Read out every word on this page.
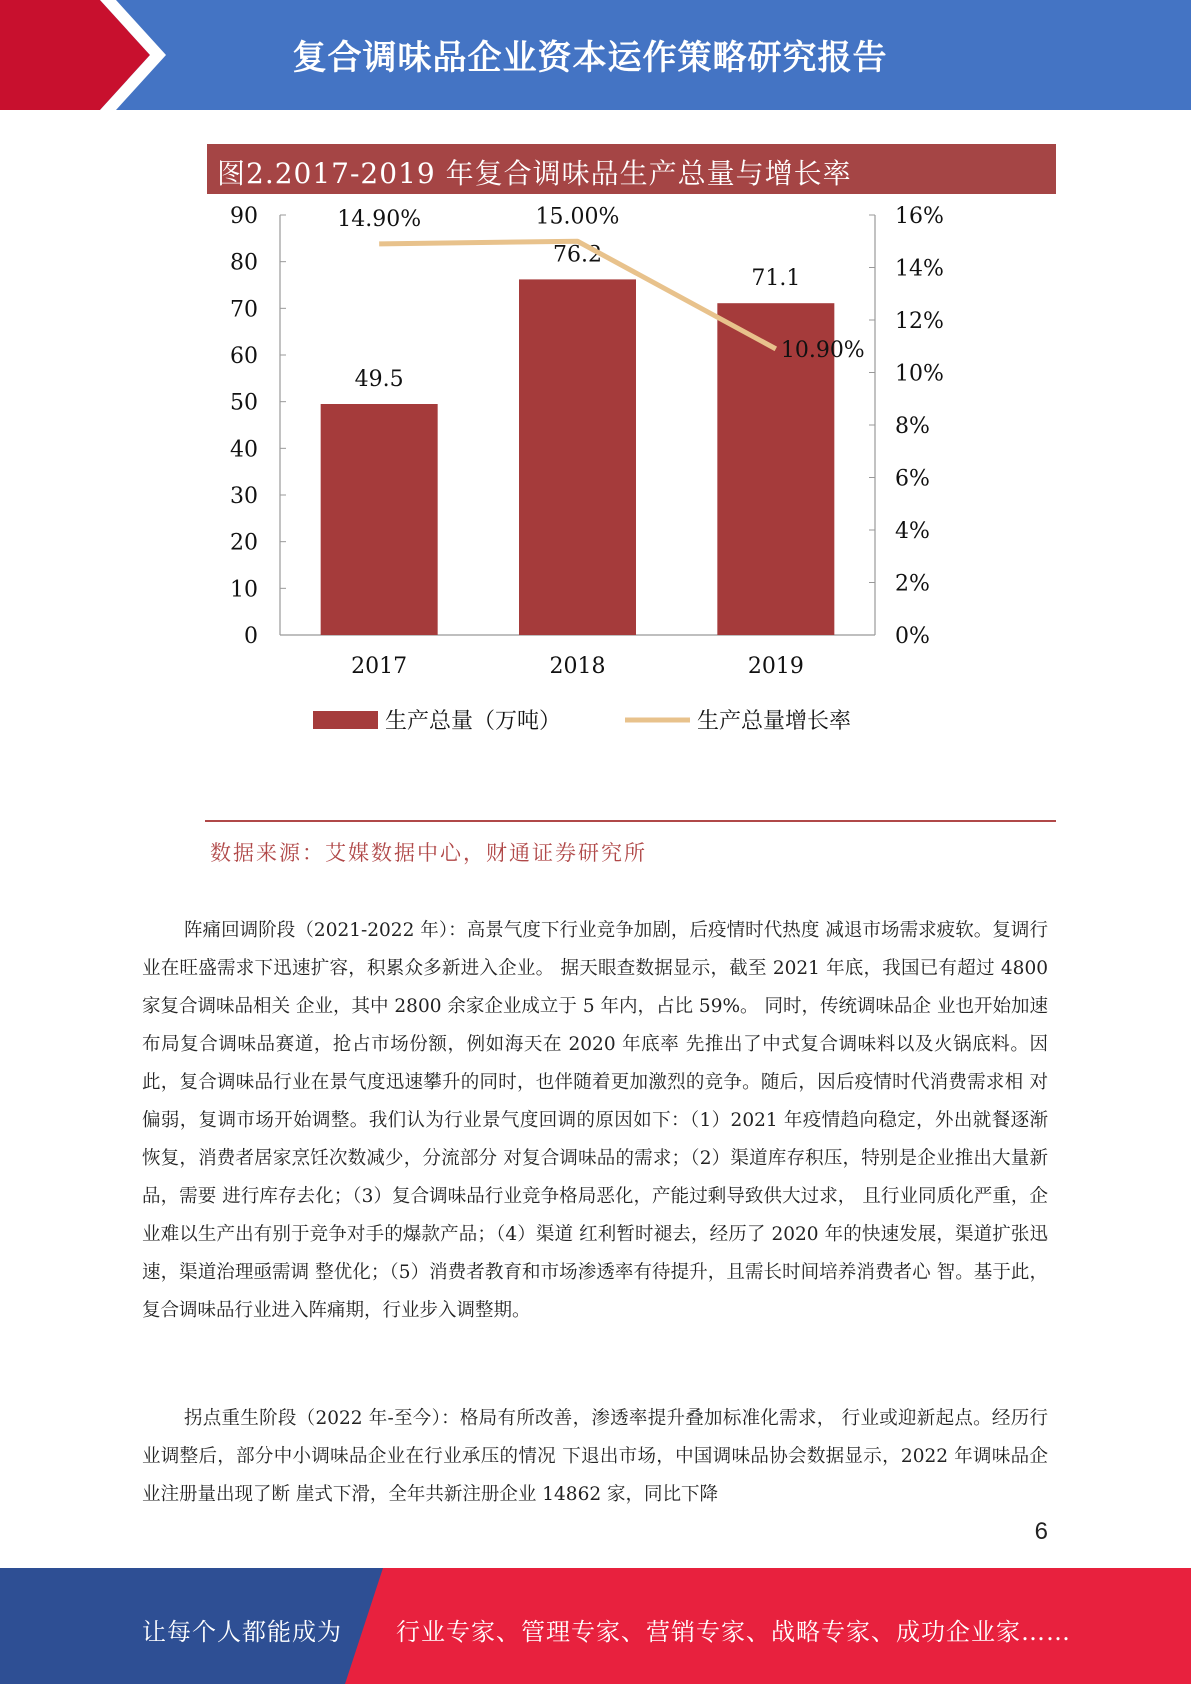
复合调味品企业资本运作策略研究报告
图2.2017-2019 年复合调味品生产总量与增长率
0
10
20
30
40
50
60
70
80
90
0%
2%
4%
6%
8%
10%
12%
14%
16%
49.5
2017
76.2
2018
71.1
2019
14.90%	15.00%
10.90%
生产总量（万吨）	生产总量增长率
数据来源：艾媒数据中心，财通证券研究所

阵痛回调阶段（2021-2022 年）：高景气度下行业竞争加剧，后疫情时代热度 减退市场需求疲软。复调行业在旺盛需求下迅速扩容，积累众多新进入企业。 据天眼查数据显示，截至 2021 年底，我国已有超过 4800 家复合调味品相关 企业，其中 2800 余家企业成立于 5 年内，占比 59%。 同时，传统调味品企 业也开始加速布局复合调味品赛道，抢占市场份额，例如海天在 2020 年底率 先推出了中式复合调味料以及火锅底料。因此，复合调味品行业在景气度迅速攀升的同时，也伴随着更加激烈的竞争。随后，因后疫情时代消费需求相 对偏弱，复调市场开始调整。我们认为行业景气度回调的原因如下：（1）2021 年疫情趋向稳定，外出就餐逐渐恢复，消费者居家烹饪次数减少，分流部分 对复合调味品的需求；（2）渠道库存积压，特别是企业推出大量新品，需要 进行库存去化；（3）复合调味品行业竞争格局恶化，产能过剩导致供大过求， 且行业同质化严重，企业难以生产出有别于竞争对手的爆款产品；（4）渠道 红利暂时褪去，经历了 2020 年的快速发展，渠道扩张迅速，渠道治理亟需调 整优化；（5）消费者教育和市场渗透率有待提升，且需长时间培养消费者心 智。基于此，复合调味品行业进入阵痛期，行业步入调整期。

拐点重生阶段（2022 年-至今）：格局有所改善，渗透率提升叠加标准化需求， 行业或迎新起点。经历行业调整后，部分中小调味品企业在行业承压的情况 下退出市场，中国调味品协会数据显示，2022 年调味品企业注册量出现了断 崖式下滑，全年共新注册企业 14862 家，同比下降

6
让每个人都能成为 行业专家、管理专家、营销专家、战略专家、成功企业家……
